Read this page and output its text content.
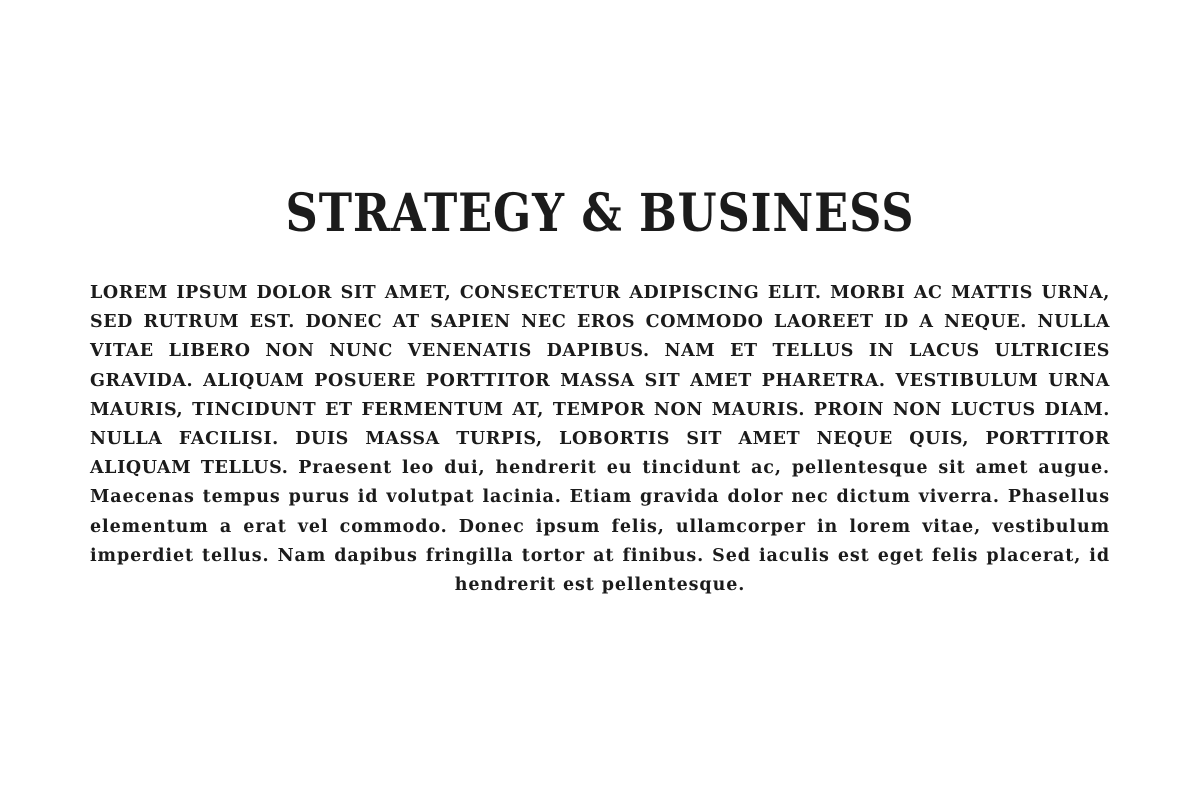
STRATEGY & BUSINESS

LOREM IPSUM DOLOR SIT AMET, CONSECTETUR ADIPISCING ELIT. MORBI AC MATTIS URNA, SED RUTRUM EST. DONEC AT SAPIEN NEC EROS COMMODO LAOREET ID A NEQUE. NULLA VITAE LIBERO NON NUNC VENENATIS DAPIBUS. NAM ET TELLUS IN LACUS ULTRICIES GRAVIDA. ALIQUAM POSUERE PORTTITOR MASSA SIT AMET PHARETRA. VESTIBULUM URNA MAURIS, TINCIDUNT ET FERMENTUM AT, TEMPOR NON MAURIS. PROIN NON LUCTUS DIAM. NULLA FACILISI. DUIS MASSA TURPIS, LOBORTIS SIT AMET NEQUE QUIS, PORTTITOR ALIQUAM TELLUS. Praesent leo dui, hendrerit eu tincidunt ac, pellentesque sit amet augue. Maecenas tempus purus id volutpat lacinia. Etiam gravida dolor nec dictum viverra. Phasellus elementum a erat vel commodo. Donec ipsum felis, ullamcorper in lorem vitae, vestibulum imperdiet tellus. Nam dapibus fringilla tortor at finibus. Sed iaculis est eget felis placerat, id hendrerit est pellentesque.
